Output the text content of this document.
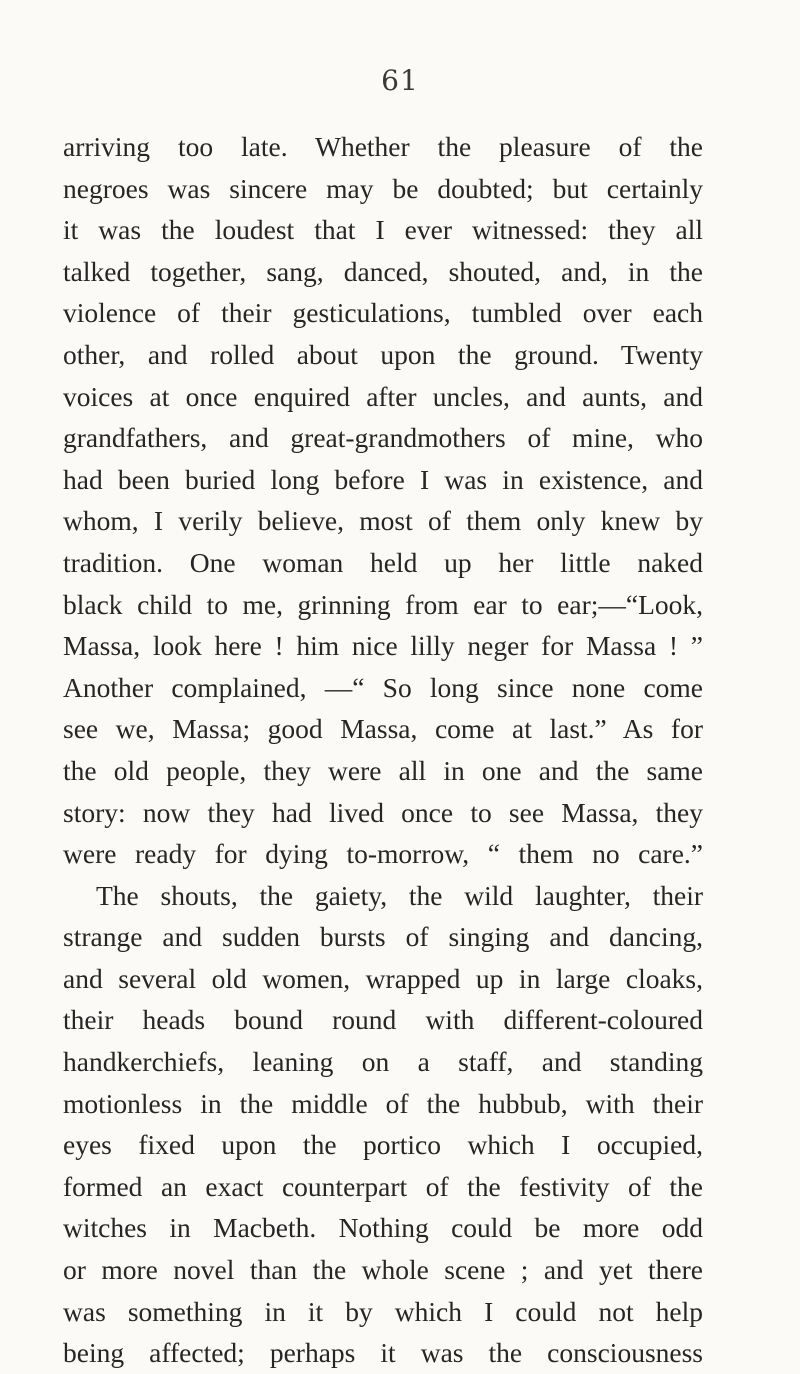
61
arriving too late. Whether the pleasure of the
negroes was sincere may be doubted; but certainly
it was the loudest that I ever witnessed: they all
talked together, sang, danced, shouted, and, in the
violence of their gesticulations, tumbled over each
other, and rolled about upon the ground. Twenty
voices at once enquired after uncles, and aunts, and
grandfathers, and great-grandmothers of mine, who
had been buried long before I was in existence, and
whom, I verily believe, most of them only knew by
tradition. One woman held up her little naked
black child to me, grinning from ear to ear;—“Look,
Massa, look here ! him nice lilly neger for Massa ! ”
Another complained, —“ So long since none come
see we, Massa; good Massa, come at last.” As for
the old people, they were all in one and the same
story: now they had lived once to see Massa, they
were ready for dying to-morrow, “ them no care.”
The shouts, the gaiety, the wild laughter, their
strange and sudden bursts of singing and dancing,
and several old women, wrapped up in large cloaks,
their heads bound round with different-coloured
handkerchiefs, leaning on a staff, and standing
motionless in the middle of the hubbub, with their
eyes fixed upon the portico which I occupied,
formed an exact counterpart of the festivity of the
witches in Macbeth. Nothing could be more odd
or more novel than the whole scene ; and yet there
was something in it by which I could not help
being affected; perhaps it was the consciousness
